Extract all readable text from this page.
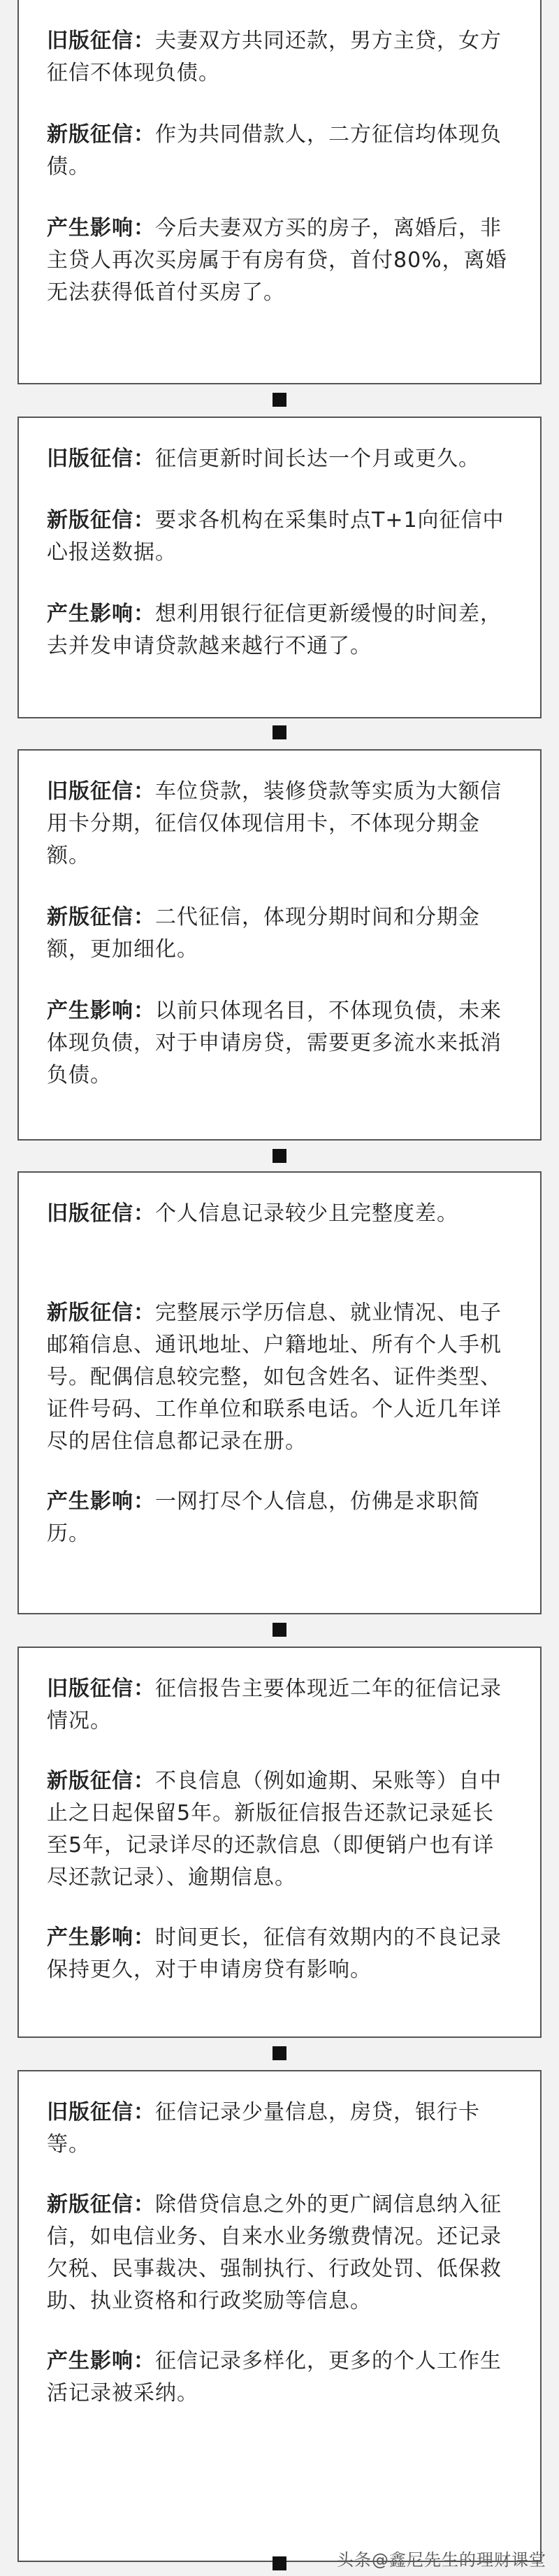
旧版征信：夫妻双方共同还款，男方主贷，女方征信不体现负债。

新版征信：作为共同借款人，二方征信均体现负债。

产生影响：今后夫妻双方买的房子，离婚后，非主贷人再次买房属于有房有贷，首付80%，离婚无法获得低首付买房了。

旧版征信：征信更新时间长达一个月或更久。

新版征信：要求各机构在采集时点T+1向征信中心报送数据。

产生影响：想利用银行征信更新缓慢的时间差，去并发申请贷款越来越行不通了。

旧版征信：车位贷款，装修贷款等实质为大额信用卡分期，征信仅体现信用卡，不体现分期金额。

新版征信：二代征信，体现分期时间和分期金额，更加细化。

产生影响：以前只体现名目，不体现负债，未来体现负债，对于申请房贷，需要更多流水来抵消负债。

旧版征信：个人信息记录较少且完整度差。

新版征信：完整展示学历信息、就业情况、电子邮箱信息、通讯地址、户籍地址、所有个人手机号。配偶信息较完整，如包含姓名、证件类型、证件号码、工作单位和联系电话。个人近几年详尽的居住信息都记录在册。

产生影响：一网打尽个人信息，仿佛是求职简历。

旧版征信：征信报告主要体现近二年的征信记录情况。

新版征信：不良信息（例如逾期、呆账等）自中止之日起保留5年。新版征信报告还款记录延长至5年，记录详尽的还款信息（即便销户也有详尽还款记录）、逾期信息。

产生影响：时间更长，征信有效期内的不良记录保持更久，对于申请房贷有影响。

旧版征信：征信记录少量信息，房贷，银行卡等。

新版征信：除借贷信息之外的更广阔信息纳入征信，如电信业务、自来水业务缴费情况。还记录欠税、民事裁决、强制执行、行政处罚、低保救助、执业资格和行政奖励等信息。

产生影响：征信记录多样化，更多的个人工作生活记录被采纳。

头条@鑫尼先生的理财课堂
